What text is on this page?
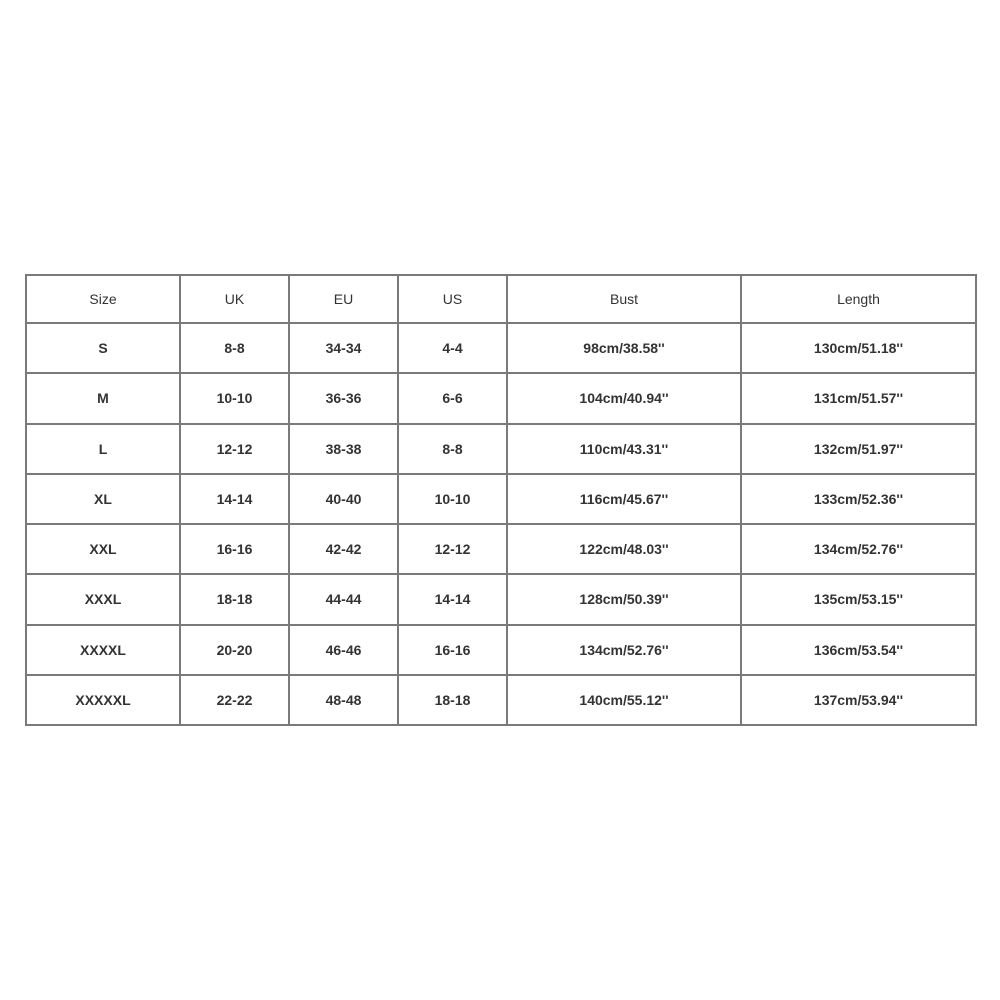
Size	UK	EU	US	Bust	Length
S	8-8	34-34	4-4	98cm/38.58''	130cm/51.18''
M	10-10	36-36	6-6	104cm/40.94''	131cm/51.57''
L	12-12	38-38	8-8	110cm/43.31''	132cm/51.97''
XL	14-14	40-40	10-10	116cm/45.67''	133cm/52.36''
XXL	16-16	42-42	12-12	122cm/48.03''	134cm/52.76''
XXXL	18-18	44-44	14-14	128cm/50.39''	135cm/53.15''
XXXXL	20-20	46-46	16-16	134cm/52.76''	136cm/53.54''
XXXXXL	22-22	48-48	18-18	140cm/55.12''	137cm/53.94''
